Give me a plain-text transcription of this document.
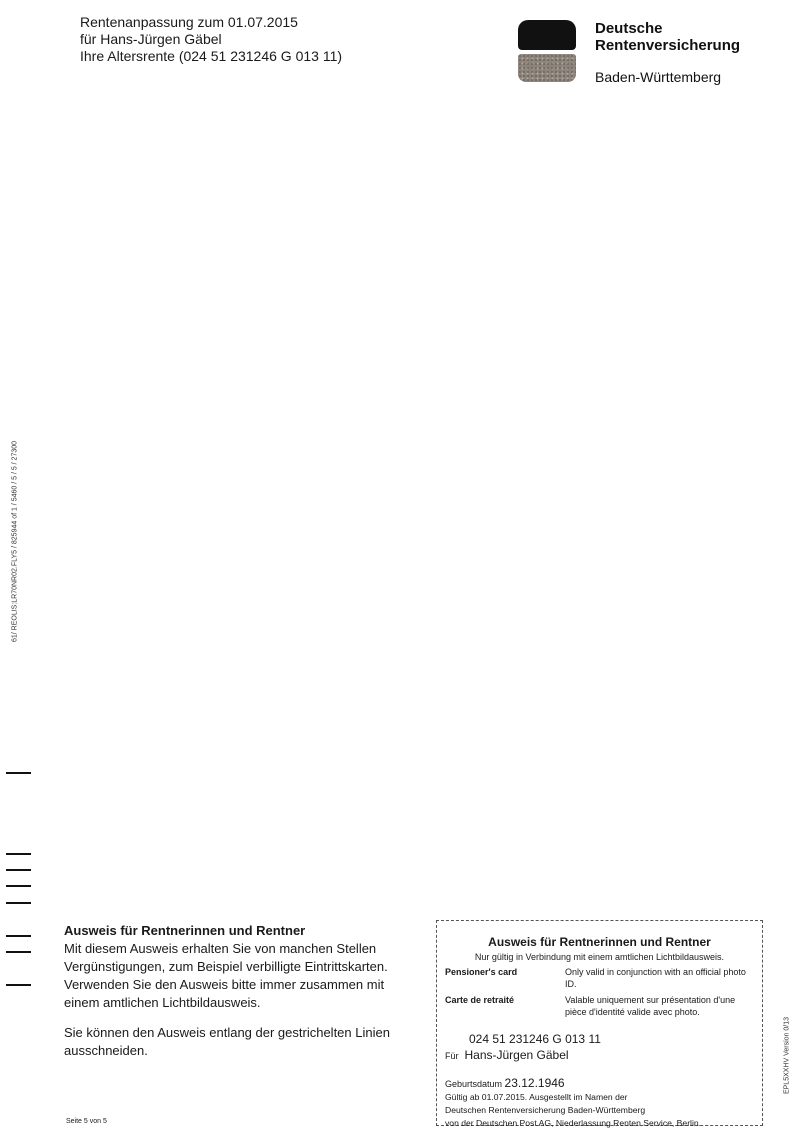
Rentenanpassung zum 01.07.2015
für Hans-Jürgen Gäbel
Ihre Altersrente (024 51 231246 G 013 11)
Deutsche
Rentenversicherung
Baden-Württemberg
61/ REOLIS:LR70NR02.FLY5 / 825944 of 1 / 5460 / 5 / 5 / 27300

Ausweis für Rentnerinnen und Rentner

Mit diesem Ausweis erhalten Sie von manchen Stellen Vergünstigungen, zum Beispiel verbilligte Eintrittskarten. Verwenden Sie den Ausweis bitte immer zusammen mit einem amtlichen Lichtbildausweis.

Sie können den Ausweis entlang der gestrichelten Linien ausschneiden.

Seite 5 von 5
Ausweis für Rentnerinnen und Rentner
Nur gültig in Verbindung mit einem amtlichen Lichtbildausweis.
Pensioner's card	Only valid in conjunction with an official photo ID.
Carte de retraité	Valable uniquement sur présentation d'une pièce d'identité valide avec photo.
024 51 231246 G 013 11
Für Hans-Jürgen Gäbel
Geburtsdatum 23.12.1946
Gültig ab 01.07.2015. Ausgestellt im Namen der
Deutschen Rentenversicherung Baden-Württemberg
von der Deutschen Post AG, Niederlassung Renten Service, Berlin.
EPL5XXHV Version 0/13
